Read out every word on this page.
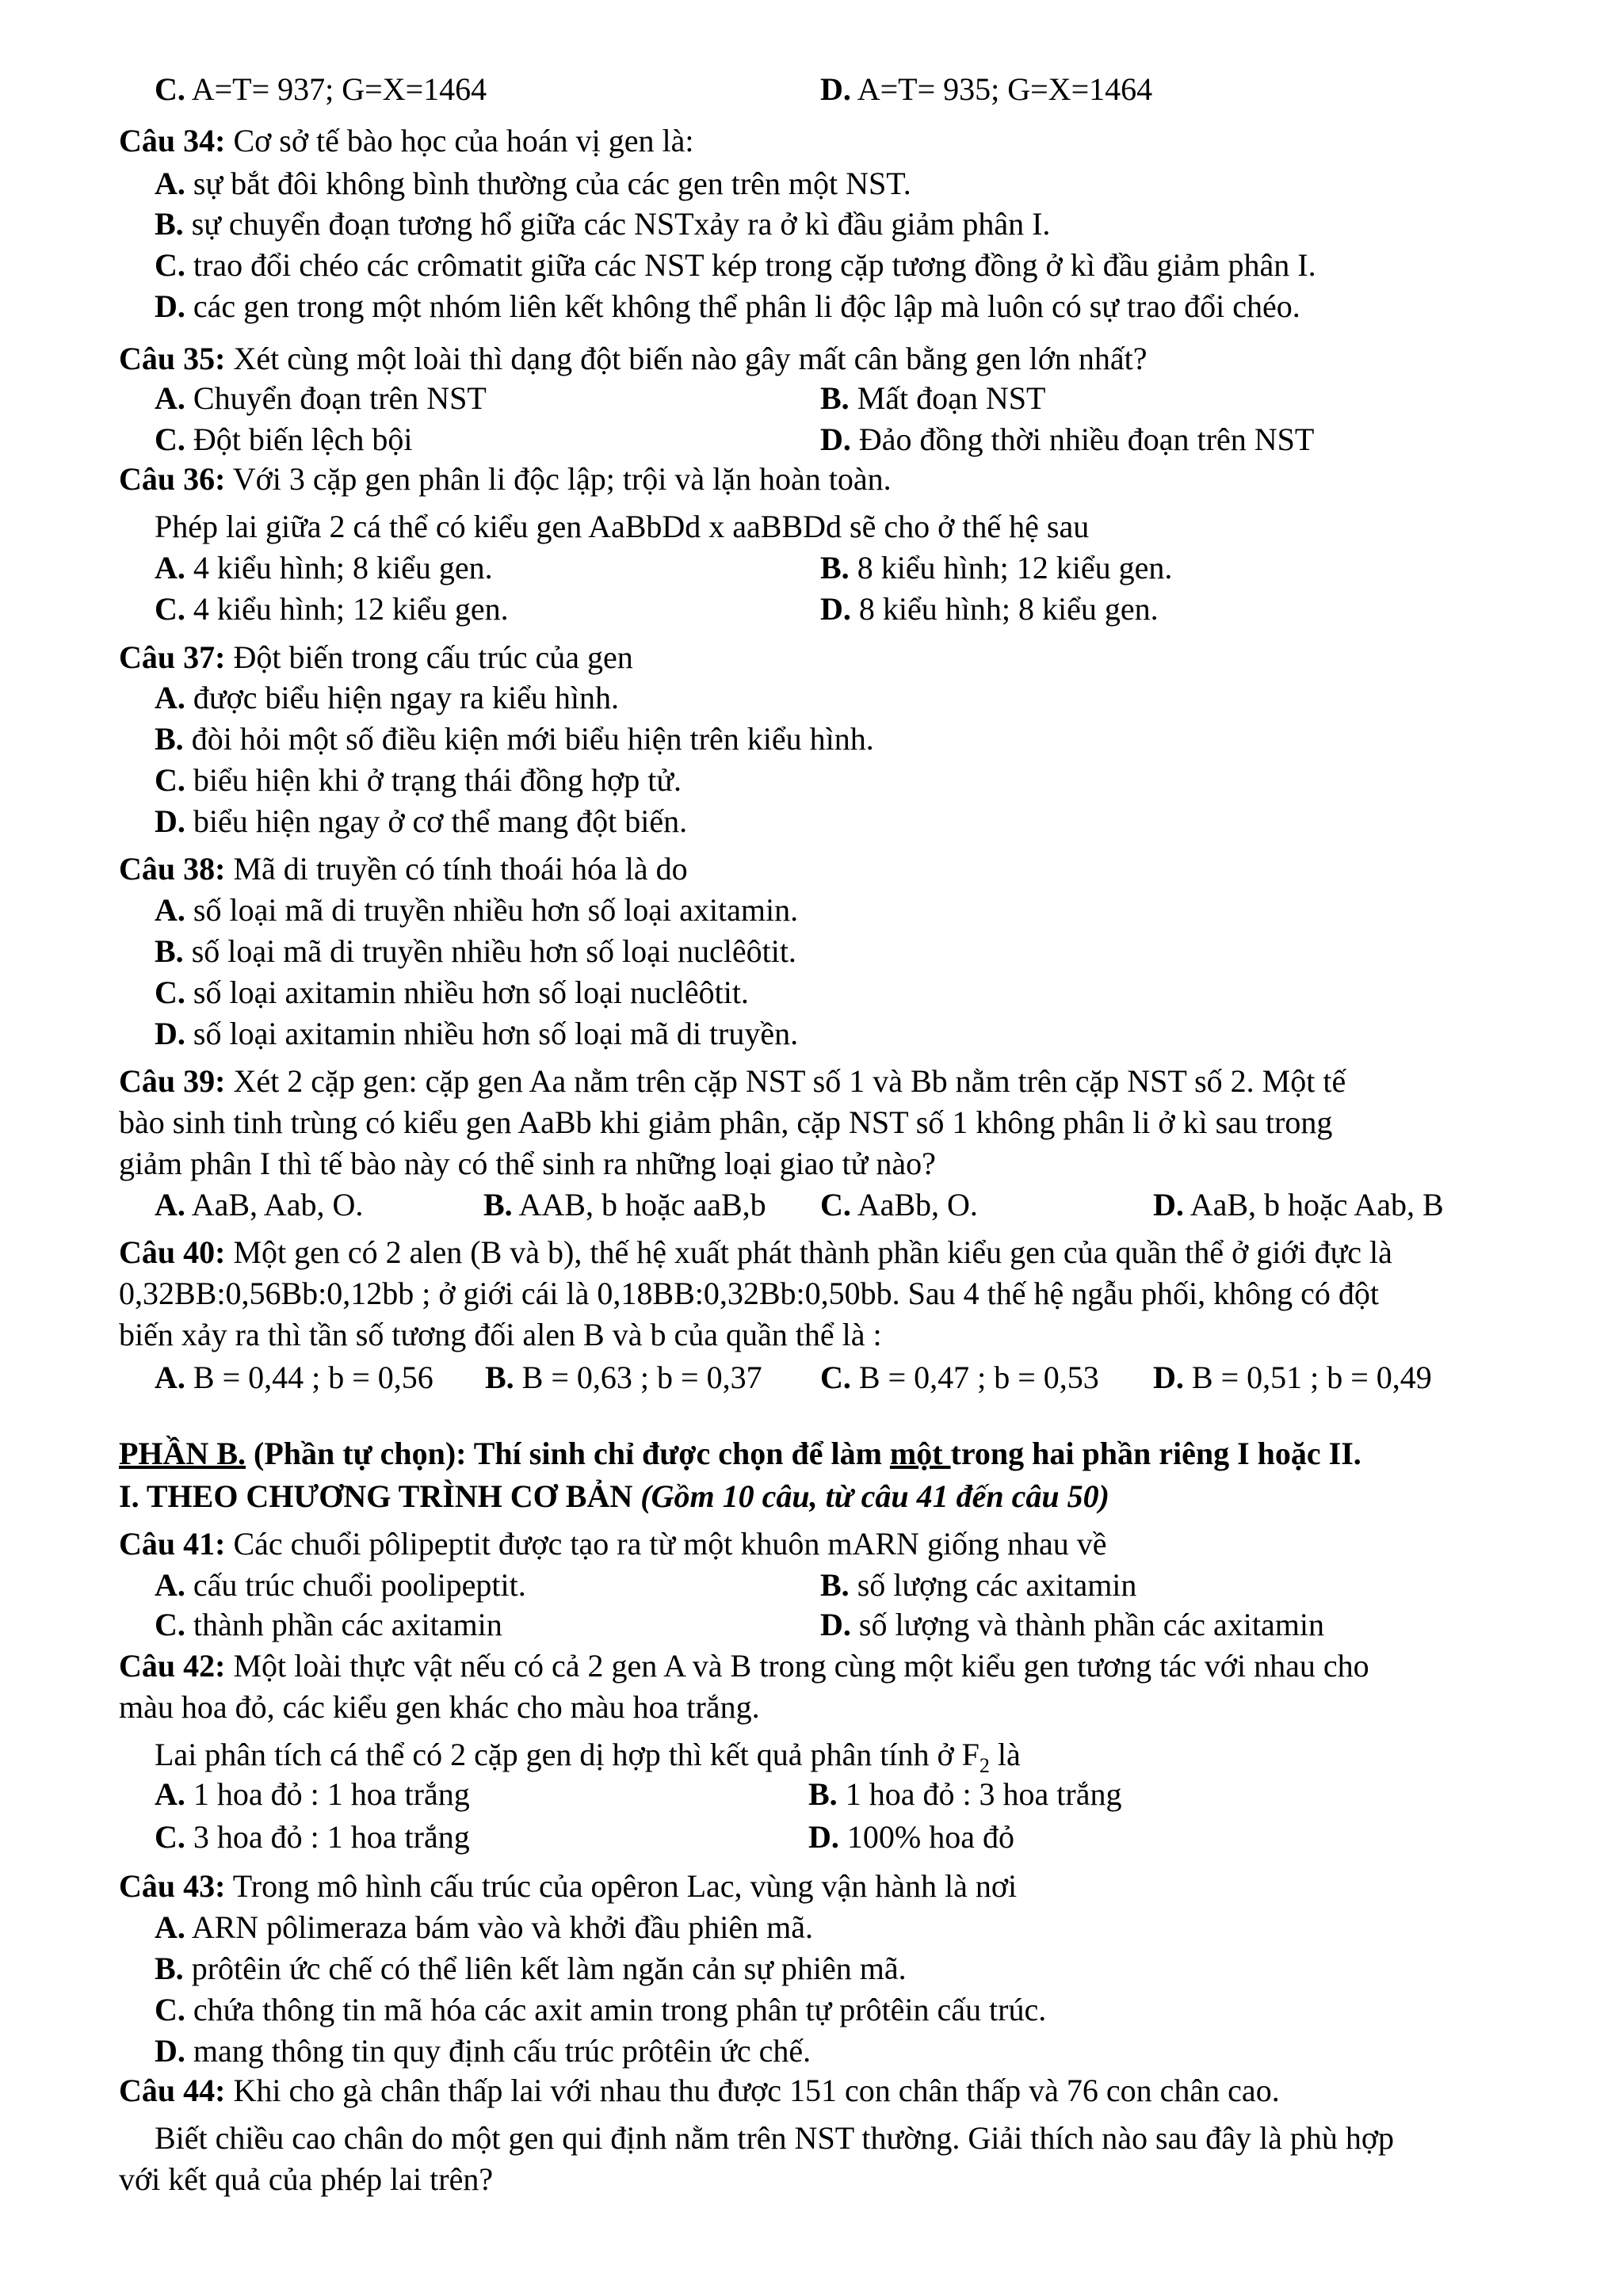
C. A=T= 937; G=X=1464	D. A=T= 935; G=X=1464
Câu 34: Cơ sở tế bào học của hoán vị gen là:
A. sự bắt đôi không bình thường của các gen trên một NST.
B. sự chuyển đoạn tương hổ giữa các NSTxảy ra ở kì đầu giảm phân I.
C. trao đổi chéo các crômatit giữa các NST kép trong cặp tương đồng ở kì đầu giảm phân I.
D. các gen trong một nhóm liên kết không thể phân li độc lập mà luôn có sự trao đổi chéo.
Câu 35: Xét cùng một loài thì dạng đột biến nào gây mất cân bằng gen lớn nhất?
A. Chuyển đoạn trên NST	B. Mất đoạn NST
C. Đột biến lệch bội	D. Đảo đồng thời nhiều đoạn trên NST
Câu 36: Với 3 cặp gen phân li độc lập; trội và lặn hoàn toàn.
Phép lai giữa 2 cá thể có kiểu gen AaBbDd x aaBBDd sẽ cho ở thế hệ sau
A. 4 kiểu hình; 8 kiểu gen.	B. 8 kiểu hình; 12 kiểu gen.
C. 4 kiểu hình; 12 kiểu gen.	D. 8 kiểu hình; 8 kiểu gen.
Câu 37: Đột biến trong cấu trúc của gen
A. được biểu hiện ngay ra kiểu hình.
B. đòi hỏi một số điều kiện mới biểu hiện trên kiểu hình.
C. biểu hiện khi ở trạng thái đồng hợp tử.
D. biểu hiện ngay ở cơ thể mang đột biến.
Câu 38: Mã di truyền có tính thoái hóa là do
A. số loại mã di truyền nhiều hơn số loại axitamin.
B. số loại mã di truyền nhiều hơn số loại nuclêôtit.
C. số loại axitamin nhiều hơn số loại nuclêôtit.
D. số loại axitamin nhiều hơn số loại mã di truyền.
Câu 39: Xét 2 cặp gen: cặp gen Aa nằm trên cặp NST số 1 và Bb nằm trên cặp NST số 2. Một tế
bào sinh tinh trùng có kiểu gen AaBb khi giảm phân, cặp NST số 1 không phân li ở kì sau trong
giảm phân I thì tế bào này có thể sinh ra những loại giao tử nào?
A. AaB, Aab, O.	B. AAB, b hoặc aaB,b C. AaBb, O.	D. AaB, b hoặc Aab, B
Câu 40: Một gen có 2 alen (B và b), thế hệ xuất phát thành phần kiểu gen của quần thể ở giới đực là
0,32BB:0,56Bb:0,12bb ; ở giới cái là 0,18BB:0,32Bb:0,50bb. Sau 4 thế hệ ngẫu phối, không có đột
biến xảy ra thì tần số tương đối alen B và b của quần thể là :
A. B = 0,44 ; b = 0,56 B. B = 0,63 ; b = 0,37 C. B = 0,47 ; b = 0,53 D. B = 0,51 ; b = 0,49
PHẦN B. (Phần tự chọn): Thí sinh chỉ được chọn để làm một trong hai phần riêng I hoặc II.
I. THEO CHƯƠNG TRÌNH CƠ BẢN (Gồm 10 câu, từ câu 41 đến câu 50)
Câu 41: Các chuổi pôlipeptit được tạo ra từ một khuôn mARN giống nhau về
A. cấu trúc chuổi poolipeptit.	B. số lượng các axitamin
C. thành phần các axitamin	D. số lượng và thành phần các axitamin
Câu 42: Một loài thực vật nếu có cả 2 gen A và B trong cùng một kiểu gen tương tác với nhau cho
màu hoa đỏ, các kiểu gen khác cho màu hoa trắng.
Lai phân tích cá thể có 2 cặp gen dị hợp thì kết quả phân tính ở $F_2$ là
A. 1 hoa đỏ : 1 hoa trắng	B. 1 hoa đỏ : 3 hoa trắng
C. 3 hoa đỏ : 1 hoa trắng	D. 100% hoa đỏ
Câu 43: Trong mô hình cấu trúc của opêron Lac, vùng vận hành là nơi
A. ARN pôlimeraza bám vào và khởi đầu phiên mã.
B. prôtêin ức chế có thể liên kết làm ngăn cản sự phiên mã.
C. chứa thông tin mã hóa các axit amin trong phân tự prôtêin cấu trúc.
D. mang thông tin quy định cấu trúc prôtêin ức chế.
Câu 44: Khi cho gà chân thấp lai với nhau thu được 151 con chân thấp và 76 con chân cao.
Biết chiều cao chân do một gen qui định nằm trên NST thường. Giải thích nào sau đây là phù hợp
với kết quả của phép lai trên?
